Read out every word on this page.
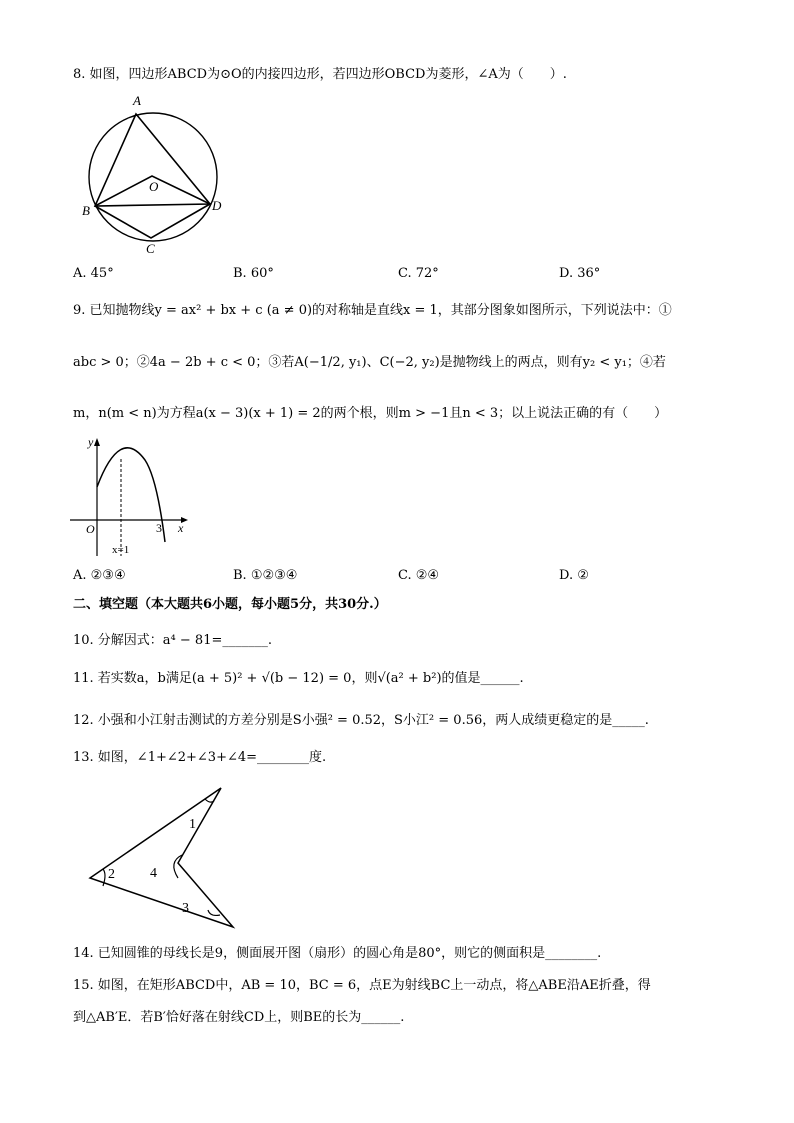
8. 如图，四边形ABCD为⊙O的内接四边形，若四边形OBCD为菱形，∠A为（　　）.
A
B
C
D
O
A. 45°	B. 60°	C. 72°	D. 36°
9. 已知抛物线y = ax² + bx + c (a ≠ 0)的对称轴是直线x = 1，其部分图象如图所示，下列说法中：①
abc > 0；②4a − 2b + c < 0；③若A(−1/2, y₁)、C(−2, y₂)是抛物线上的两点，则有y₂ < y₁；④若
m，n(m < n)为方程a(x − 3)(x + 1) = 2的两个根，则m > −1且n < 3；以上说法正确的有（　　）
y
x
O	3
x=1
A. ②③④	B. ①②③④	C. ②④	D. ②
二、填空题（本大题共6小题，每小题5分，共30分.）
10. 分解因式：a⁴ − 81=_______.
11. 若实数a，b满足(a + 5)² + √(b − 12) = 0，则√(a² + b²)的值是______.
12. 小强和小江射击测试的方差分别是S小强² = 0.52，S小江² = 0.56，两人成绩更稳定的是_____.
13. 如图，∠1+∠2+∠3+∠4=________度.
1
2
3
4
14. 已知圆锥的母线长是9，侧面展开图（扇形）的圆心角是80°，则它的侧面积是________.
15. 如图，在矩形ABCD中，AB = 10，BC = 6，点E为射线BC上一动点，将△ABE沿AE折叠，得
到△AB′E．若B′恰好落在射线CD上，则BE的长为______.
